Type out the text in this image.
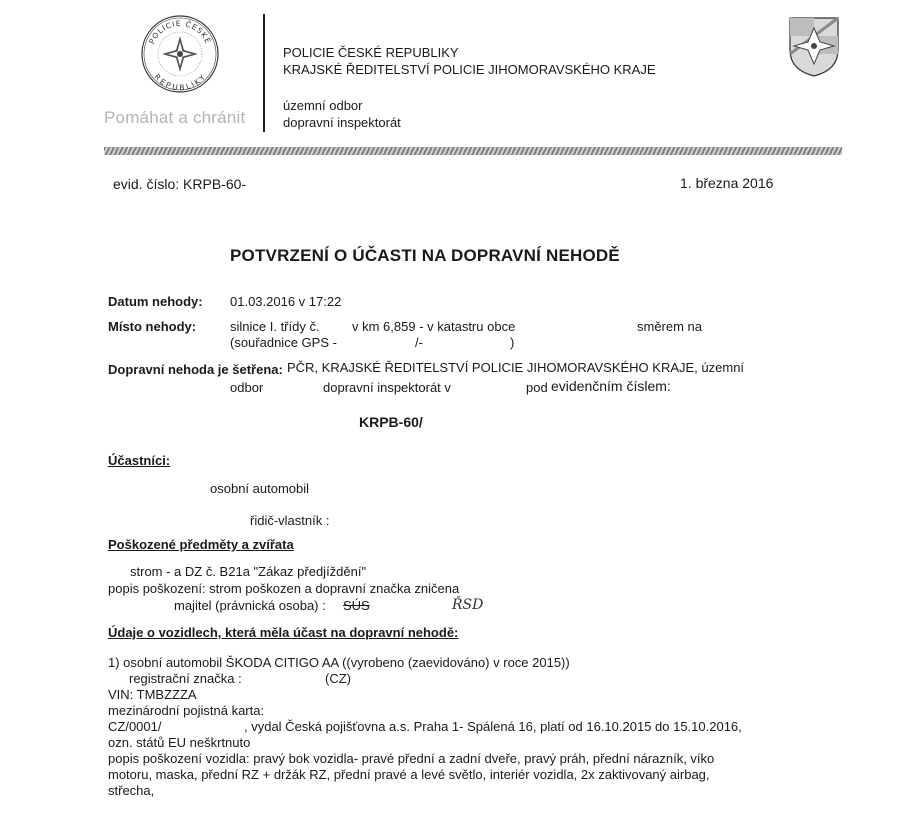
POLICIE ČESKÉ
REPUBLIKY
Pomáhat a chránit
POLICIE ČESKÉ REPUBLIKY
KRAJSKÉ ŘEDITELSTVÍ POLICIE JIHOMORAVSKÉHO KRAJE
územní odbor
dopravní inspektorát
evid. číslo: KRPB-60-	1. března 2016
POTVRZENÍ O ÚČASTI NA DOPRAVNÍ NEHODĚ
Datum nehody: 01.03.2016 v 17:22
Místo nehody:	silnice I. třídy č. v km 6,859 - v katastru obce	směrem na
(souřadnice GPS -	/-	)
Dopravní nehoda je šetřena: PČR, KRAJSKÉ ŘEDITELSTVÍ POLICIE JIHOMORAVSKÉHO KRAJE, územní
odbor	dopravní inspektorát v	pod evidenčním číslem:
KRPB-60/
Účastníci:
osobní automobil
řidič-vlastník :
Poškozené předměty a zvířata
strom - a DZ č. B21a "Zákaz předjíždění"
popis poškození: strom poškozen a dopravní značka zničena
majitel (právnická osoba) : SÚS	ŘSD
Údaje o vozidlech, která měla účast na dopravní nehodě:
1) osobní automobil ŠKODA CITIGO AA ((vyrobeno (zaevidováno) v roce 2015))
registrační značka :	(CZ)
VIN: TMBZZZA
mezinárodní pojistná karta:
CZ/0001/	, vydal Česká pojišťovna a.s. Praha 1- Spálená 16, platí od 16.10.2015 do 15.10.2016,
ozn. států EU neškrtnuto
popis poškození vozidla: pravý bok vozidla- pravé přední a zadní dveře, pravý práh, přední nárazník, víko
motoru, maska, přední RZ + držák RZ, přední pravé a levé světlo, interiér vozidla, 2x zaktivovaný airbag,
střecha,
